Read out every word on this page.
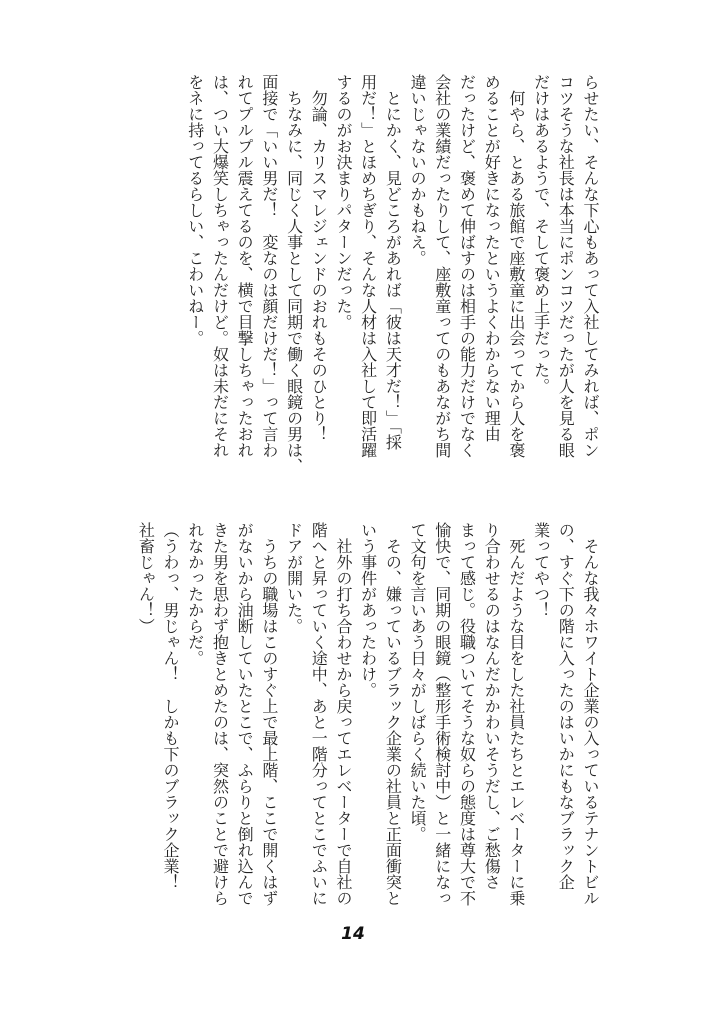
らせたい、そんな下心もあって入社してみれば、ポン
コツそうな社長は本当にポンコツだったが人を見る眼
だけはあるようで、そして褒め上手だった。
　何やら、とある旅館で座敷童に出会ってから人を褒
めることが好きになったというよくわからない理由
だったけど、褒めて伸ばすのは相手の能力だけでなく
会社の業績だったりして、座敷童ってのもあながち間
違いじゃないのかもねえ。
　とにかく、見どころがあれば「彼は天才だ！」「採
用だ！」とほめちぎり、そんな人材は入社して即活躍
するのがお決まりパターンだった。
　勿論、カリスマレジェンドのおれもそのひとり！
　ちなみに、同じく人事として同期で働く眼鏡の男は、
面接で「いい男だ！　変なのは顔だけだ！」って言わ
れてプルプル震えてるのを、横で目撃しちゃったおれ
は、つい大爆笑しちゃったんだけど。奴は未だにそれ
をネに持ってるらしい、こわいねー。
　そんな我々ホワイト企業の入っているテナントビル
の、すぐ下の階に入ったのはいかにもなブラック企
業ってやつ！
　死んだような目をした社員たちとエレベーターに乗
り合わせるのはなんだかかわいそうだし、ご愁傷さ
まって感じ。役職ついてそうな奴らの態度は尊大で不
愉快で、同期の眼鏡（整形手術検討中）と一緒になっ
て文句を言いあう日々がしばらく続いた頃。
　その、嫌っているブラック企業の社員と正面衝突と
いう事件があったわけ。
　社外の打ち合わせから戻ってエレベーターで自社の
階へと昇っていく途中、あと一階分ってとこでふいに
ドアが開いた。
　うちの職場はこのすぐ上で最上階、ここで開くはず
がないから油断していたとこで、ふらりと倒れ込んで
きた男を思わず抱きとめたのは、突然のことで避けら
れなかったからだ。
（うわっ、男じゃん！　しかも下のブラック企業！
社畜じゃん！）
14
